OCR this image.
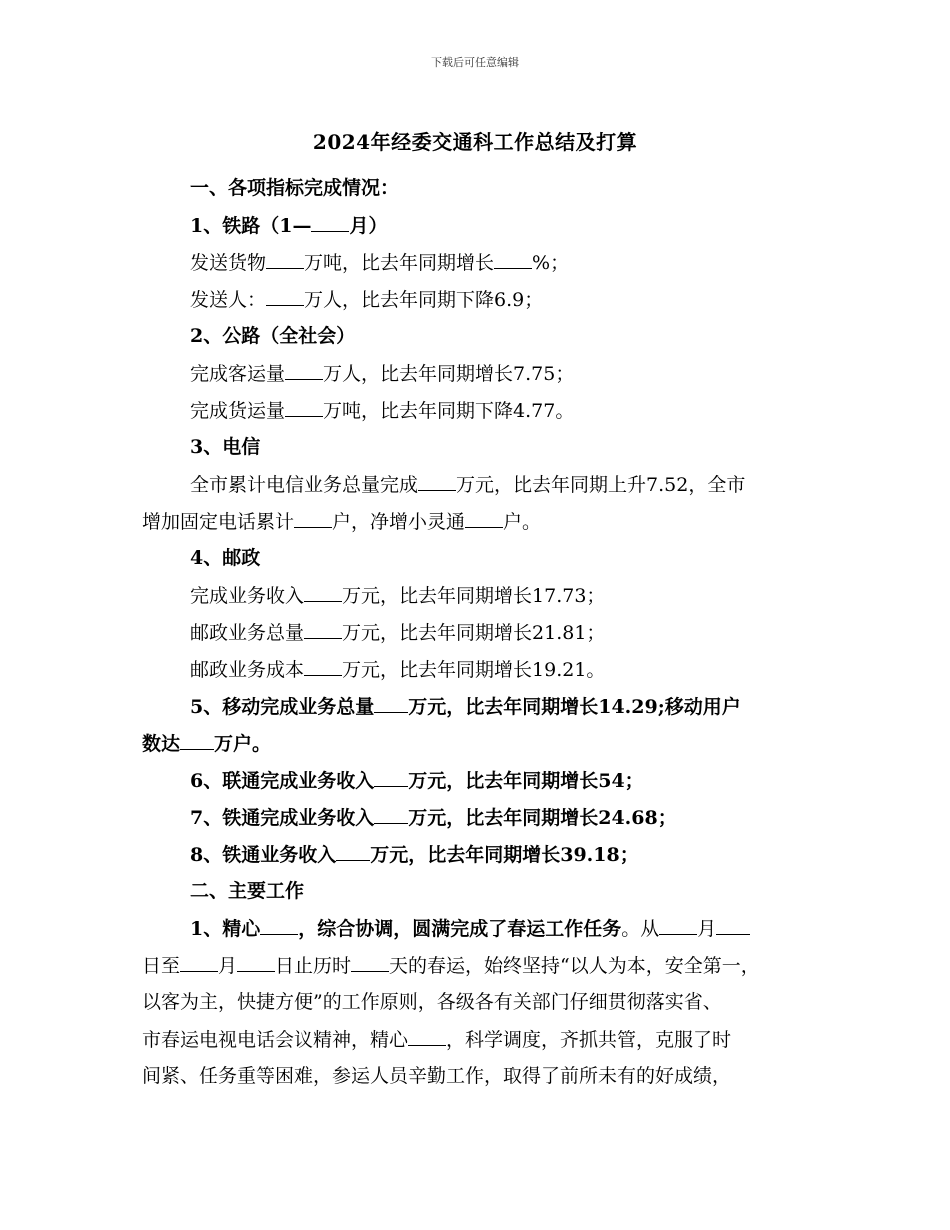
下载后可任意编辑
2024年经委交通科工作总结及打算
一、各项指标完成情况：
1、铁路（1— 月）
发送货物 万吨，比去年同期增长 %；
发送人： 万人，比去年同期下降6.9；
2、公路（全社会）
完成客运量 万人，比去年同期增长7.75；
完成货运量 万吨，比去年同期下降4.77。
3、电信
全市累计电信业务总量完成 万元，比去年同期上升7.52，全市
增加固定电话累计 户，净增小灵通 户。
4、邮政
完成业务收入 万元，比去年同期增长17.73；
邮政业务总量 万元，比去年同期增长21.81；
邮政业务成本 万元，比去年同期增长19.21。
5、移动完成业务总量 万元，比去年同期增长14.29;移动用户
数达 万户。
6、联通完成业务收入 万元，比去年同期增长54；
7、铁通完成业务收入 万元，比去年同期增长24.68；
8、铁通业务收入 万元，比去年同期增长39.18；
二、主要工作
1、精心 ，综合协调，圆满完成了春运工作任务。从 月
日至 月 日止历时 天的春运，始终坚持“以人为本，安全第一，
以客为主，快捷方便”的工作原则，各级各有关部门仔细贯彻落实省、
市春运电视电话会议精神，精心 ，科学调度，齐抓共管，克服了时
间紧、任务重等困难，参运人员辛勤工作，取得了前所未有的好成绩，
